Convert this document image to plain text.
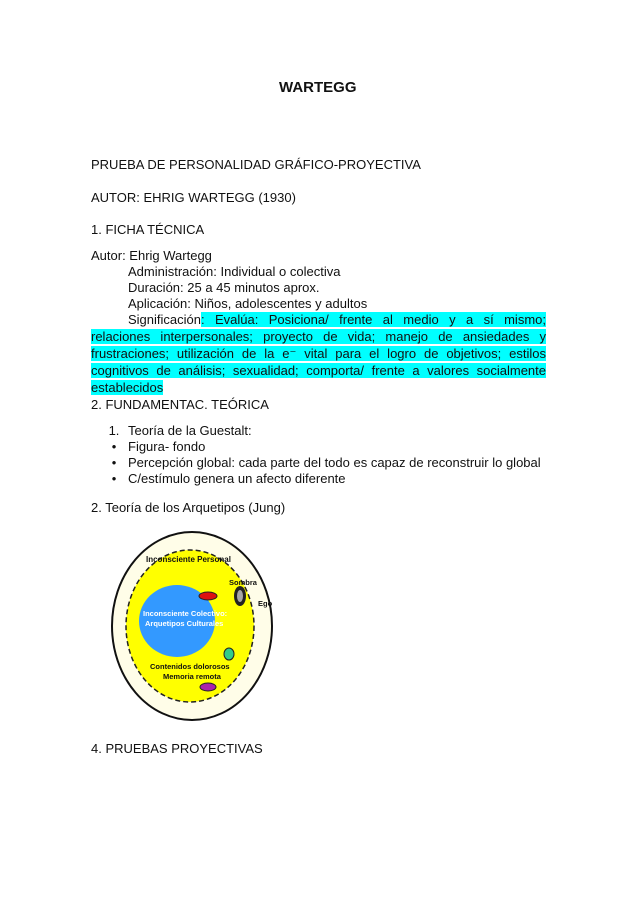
WARTEGG
PRUEBA DE PERSONALIDAD GRÁFICO-PROYECTIVA
AUTOR: EHRIG WARTEGG (1930)
1. FICHA TÉCNICA
Autor: Ehrig Wartegg
Administración: Individual o colectiva
Duración: 25 a 45 minutos aprox.
Aplicación: Niños, adolescentes y adultos
Significación: Evalúa: Posiciona/ frente al medio y a sí mismo; relaciones interpersonales; proyecto de vida; manejo de ansiedades y frustraciones; utilización de la e⁻ vital para el logro de objetivos; estilos cognitivos de análisis; sexualidad; comporta/ frente a valores socialmente establecidos
2. FUNDAMENTAC. TEÓRICA
1. Teoría de la Guestalt:
• Figura- fondo
• Percepción global: cada parte del todo es capaz de reconstruir lo global
• C/estímulo genera un afecto diferente
2. Teoría de los Arquetipos (Jung)
Inconsciente Personal
Sombra
Ego
Inconsciente Colectivo:
Arquetipos Culturales
Contenidos dolorosos
Memoria remota
4. PRUEBAS PROYECTIVAS
